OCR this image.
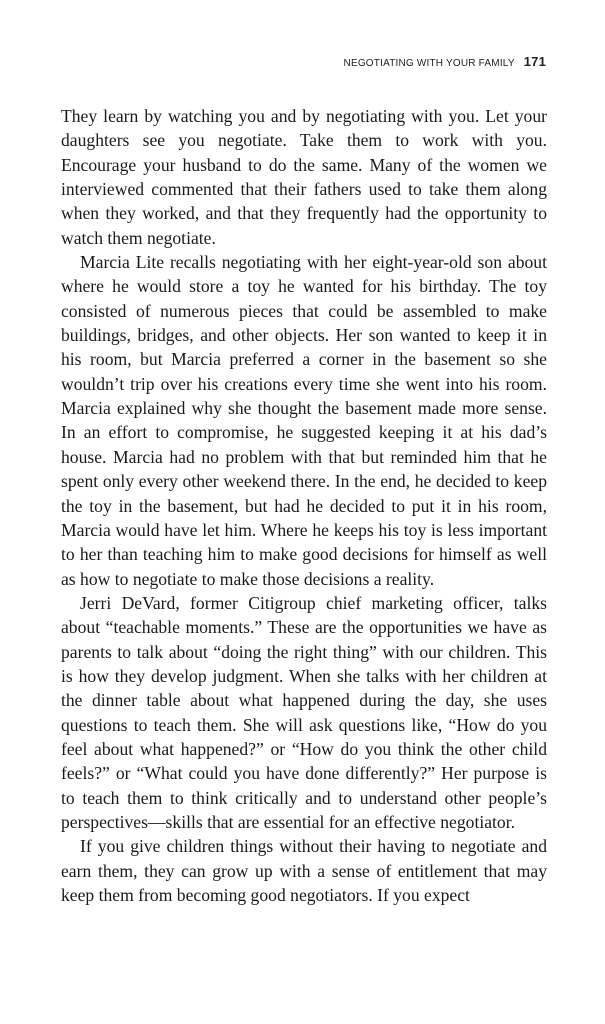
NEGOTIATING WITH YOUR FAMILY 171

They learn by watching you and by negotiating with you. Let your daughters see you negotiate. Take them to work with you. Encourage your husband to do the same. Many of the women we interviewed commented that their fathers used to take them along when they worked, and that they frequently had the opportunity to watch them negotiate.

Marcia Lite recalls negotiating with her eight-year-old son about where he would store a toy he wanted for his birthday. The toy consisted of numerous pieces that could be assembled to make buildings, bridges, and other objects. Her son wanted to keep it in his room, but Marcia preferred a corner in the basement so she wouldn’t trip over his creations every time she went into his room. Marcia explained why she thought the basement made more sense. In an effort to compromise, he suggested keeping it at his dad’s house. Marcia had no problem with that but reminded him that he spent only every other weekend there. In the end, he decided to keep the toy in the basement, but had he decided to put it in his room, Marcia would have let him. Where he keeps his toy is less important to her than teaching him to make good decisions for himself as well as how to negotiate to make those decisions a reality.

Jerri DeVard, former Citigroup chief marketing officer, talks about “teachable moments.” These are the opportunities we have as parents to talk about “doing the right thing” with our children. This is how they develop judgment. When she talks with her children at the dinner table about what happened during the day, she uses questions to teach them. She will ask questions like, “How do you feel about what happened?” or “How do you think the other child feels?” or “What could you have done differently?” Her purpose is to teach them to think critically and to understand other people’s perspectives—skills that are essential for an effective negotiator.

If you give children things without their having to negotiate and earn them, they can grow up with a sense of entitlement that may keep them from becoming good negotiators. If you expect
